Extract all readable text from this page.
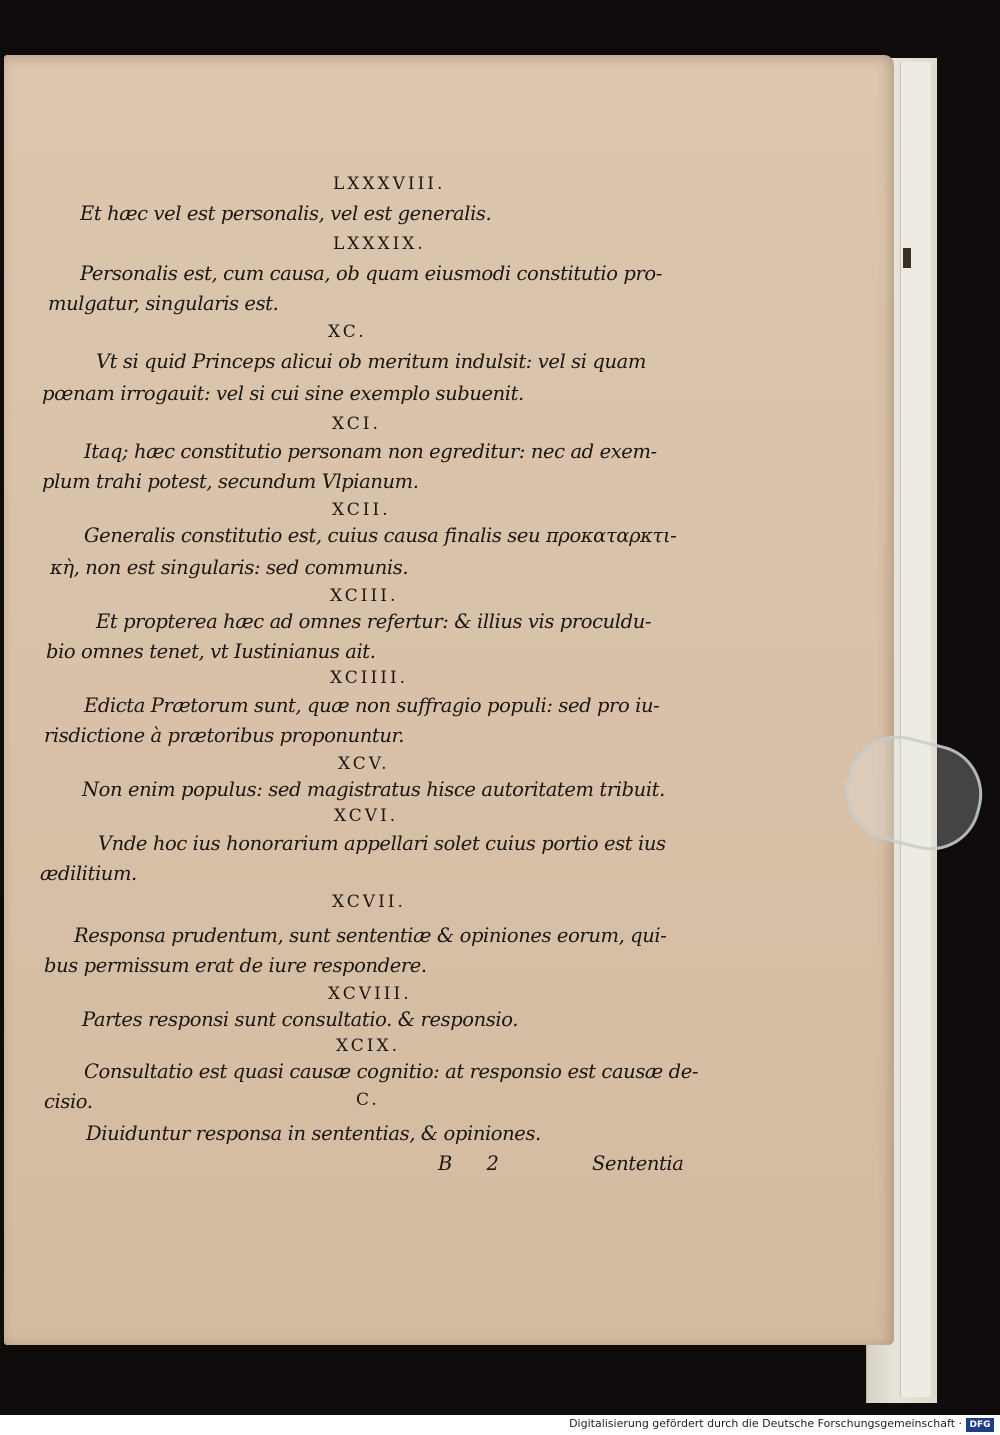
LXXXVIII.
Et hæc vel est personalis, vel est generalis.
LXXXIX.
Personalis est, cum causa, ob quam eiusmodi constitutio pro-
mulgatur, singularis est.
XC.
Vt si quid Princeps alicui ob meritum indulsit: vel si quam
pœnam irrogauit: vel si cui sine exemplo subuenit.
XCI.
Itaq; hæc constitutio personam non egreditur: nec ad exem-
plum trahi potest, secundum Vlpianum.
XCII.
Generalis constitutio est, cuius causa finalis seu προκαταρκτι-
κὴ, non est singularis: sed communis.
XCIII.
Et propterea hæc ad omnes refertur: & illius vis proculdu-
bio omnes tenet, vt Iustinianus ait.
XCIIII.
Edicta Prætorum sunt, quæ non suffragio populi: sed pro iu-
risdictione à prætoribus proponuntur.
XCV.
Non enim populus: sed magistratus hisce autoritatem tribuit.
XCVI.
Vnde hoc ius honorarium appellari solet cuius portio est ius
ædilitium.
XCVII.
Responsa prudentum, sunt sententiæ & opiniones eorum, qui-
bus permissum erat de iure respondere.
XCVIII.
Partes responsi sunt consultatio. & responsio.
XCIX.
Consultatio est quasi causæ cognitio: at responsio est causæ de-
cisio.	C.
Diuiduntur responsa in sententias, & opiniones.
B 2	Sententia
Digitalisierung gefördert durch die Deutsche Forschungsgemeinschaft · DFG
